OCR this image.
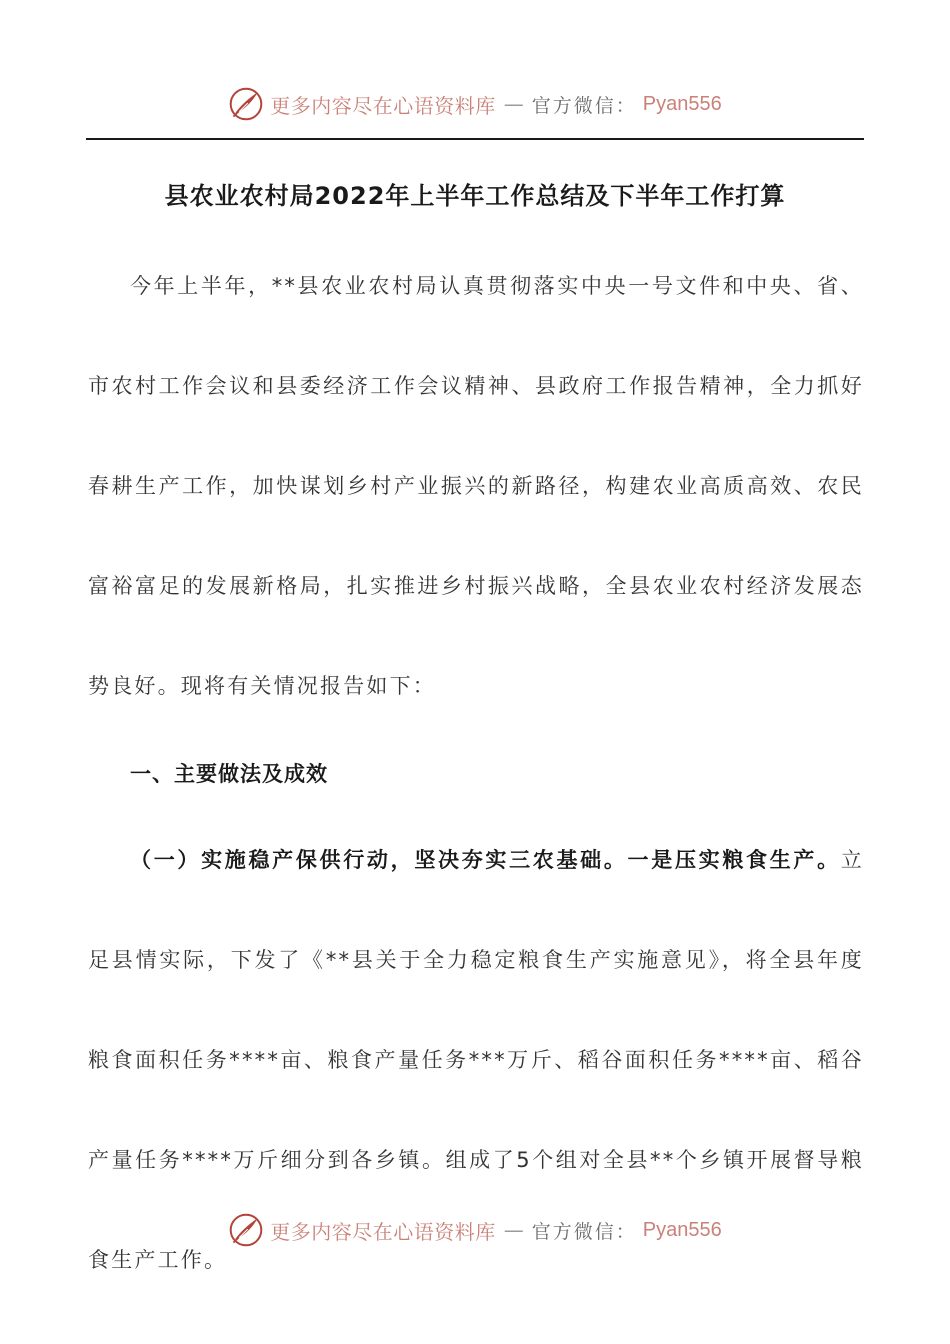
更多内容尽在心语资料库 — 官方微信： Pyan556
县农业农村局2022年上半年工作总结及下半年工作打算
今年上半年，**县农业农村局认真贯彻落实中央一号文件和中央、省、市农村工作会议和县委经济工作会议精神、县政府工作报告精神，全力抓好春耕生产工作，加快谋划乡村产业振兴的新路径，构建农业高质高效、农民富裕富足的发展新格局，扎实推进乡村振兴战略，全县农业农村经济发展态势良好。现将有关情况报告如下：
一、主要做法及成效
（一）实施稳产保供行动，坚决夯实三农基础。一是压实粮食生产。立足县情实际，下发了《**县关于全力稳定粮食生产实施意见》，将全县年度粮食面积任务****亩、粮食产量任务***万斤、稻谷面积任务****亩、稻谷产量任务****万斤细分到各乡镇。组成了5个组对全县**个乡镇开展督导粮食生产工作。
更多内容尽在心语资料库 — 官方微信： Pyan556
